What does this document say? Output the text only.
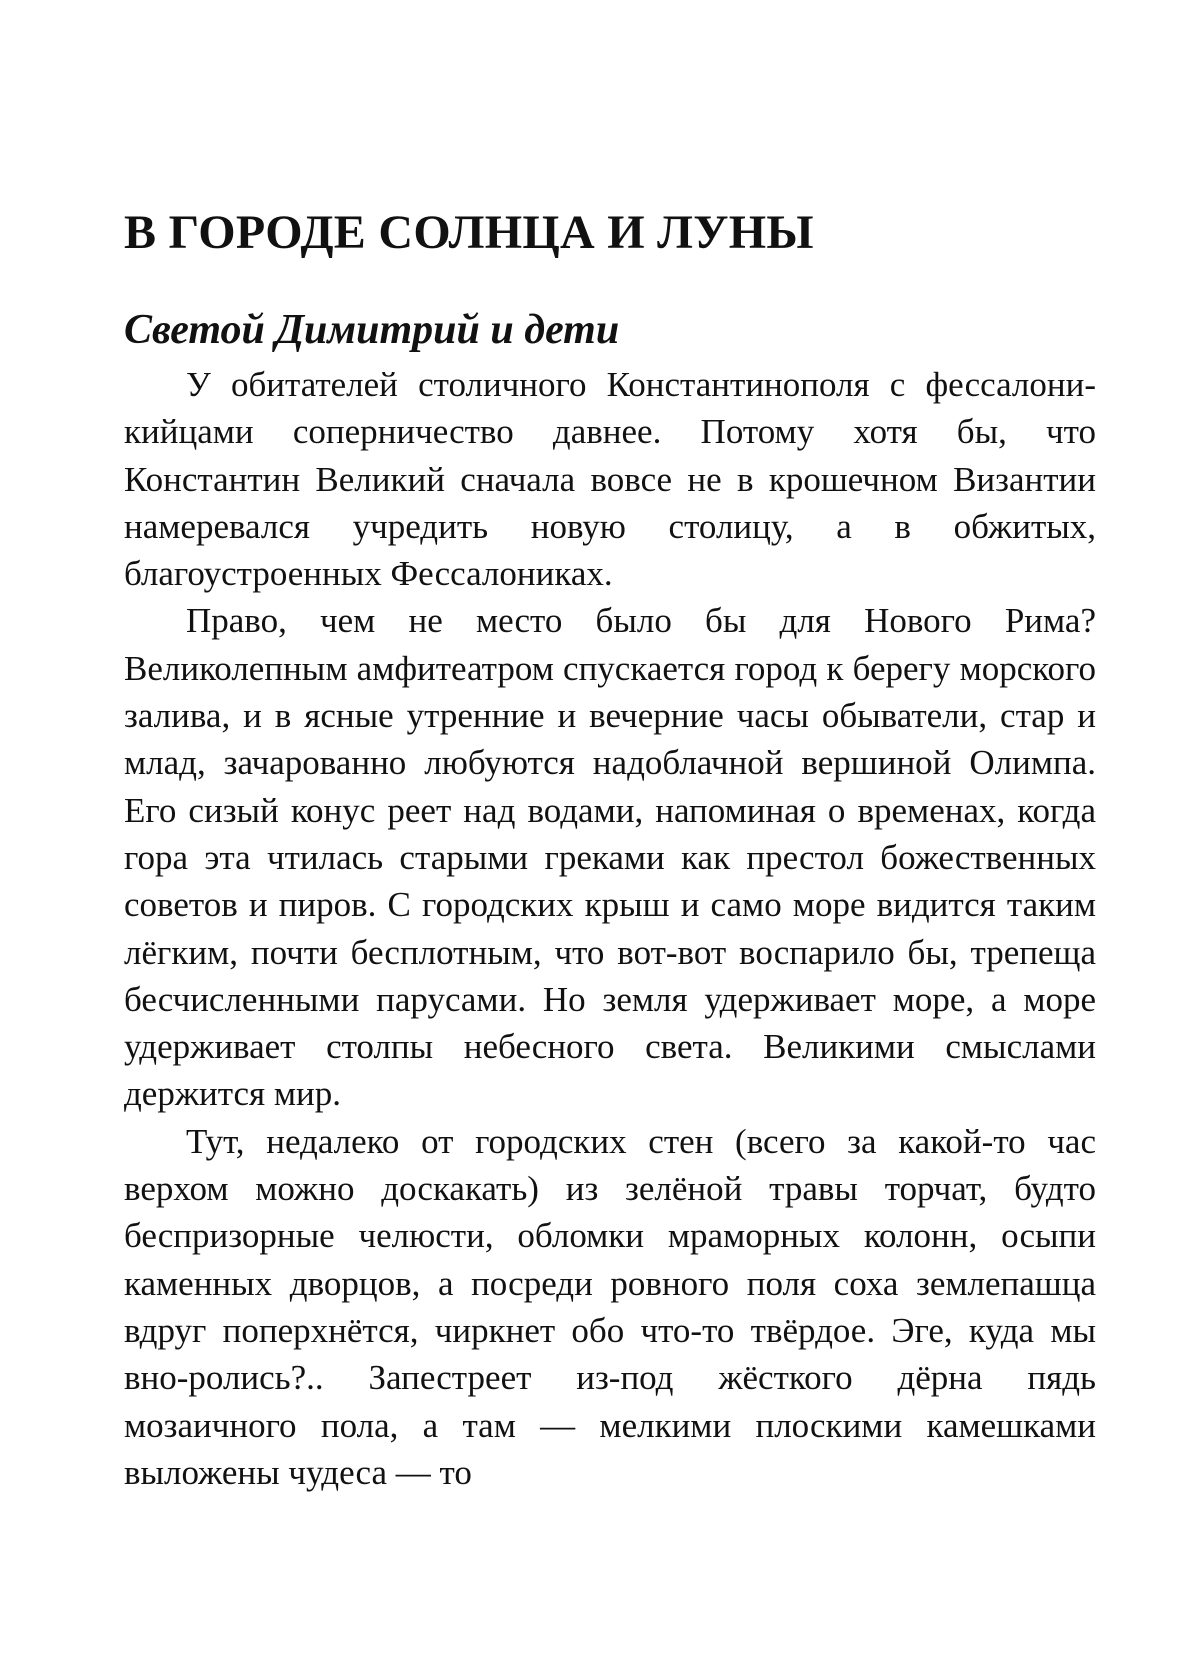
В ГОРОДЕ СОЛНЦА И ЛУНЫ
Светой Димитрий и дети

У обитателей столичного Константинополя с фессалони-кийцами соперничество давнее. Потому хотя бы, что Константин Великий сначала вовсе не в крошечном Византии намеревался учредить новую столицу, а в обжитых, благоустроенных Фессалониках.

Право, чем не место было бы для Нового Рима? Великолепным амфитеатром спускается город к берегу морского залива, и в ясные утренние и вечерние часы обыватели, стар и млад, зачарованно любуются надоблачной вершиной Олимпа. Его сизый конус реет над водами, напоминая о временах, когда гора эта чтилась старыми греками как престол божественных советов и пиров. С городских крыш и само море видится таким лёгким, почти бесплотным, что вот-вот воспарило бы, трепеща бесчисленными парусами. Но земля удерживает море, а море удерживает столпы небесного света. Великими смыслами держится мир.

Тут, недалеко от городских стен (всего за какой-то час верхом можно доскакать) из зелёной травы торчат, будто беспризорные челюсти, обломки мраморных колонн, осыпи каменных дворцов, а посреди ровного поля соха землепашца вдруг поперхнётся, чиркнет обо что-то твёрдое. Эге, куда мы вно-ролись?.. Запестреет из-под жёсткого дёрна пядь мозаичного пола, а там — мелкими плоскими камешками выложены чудеса — то
